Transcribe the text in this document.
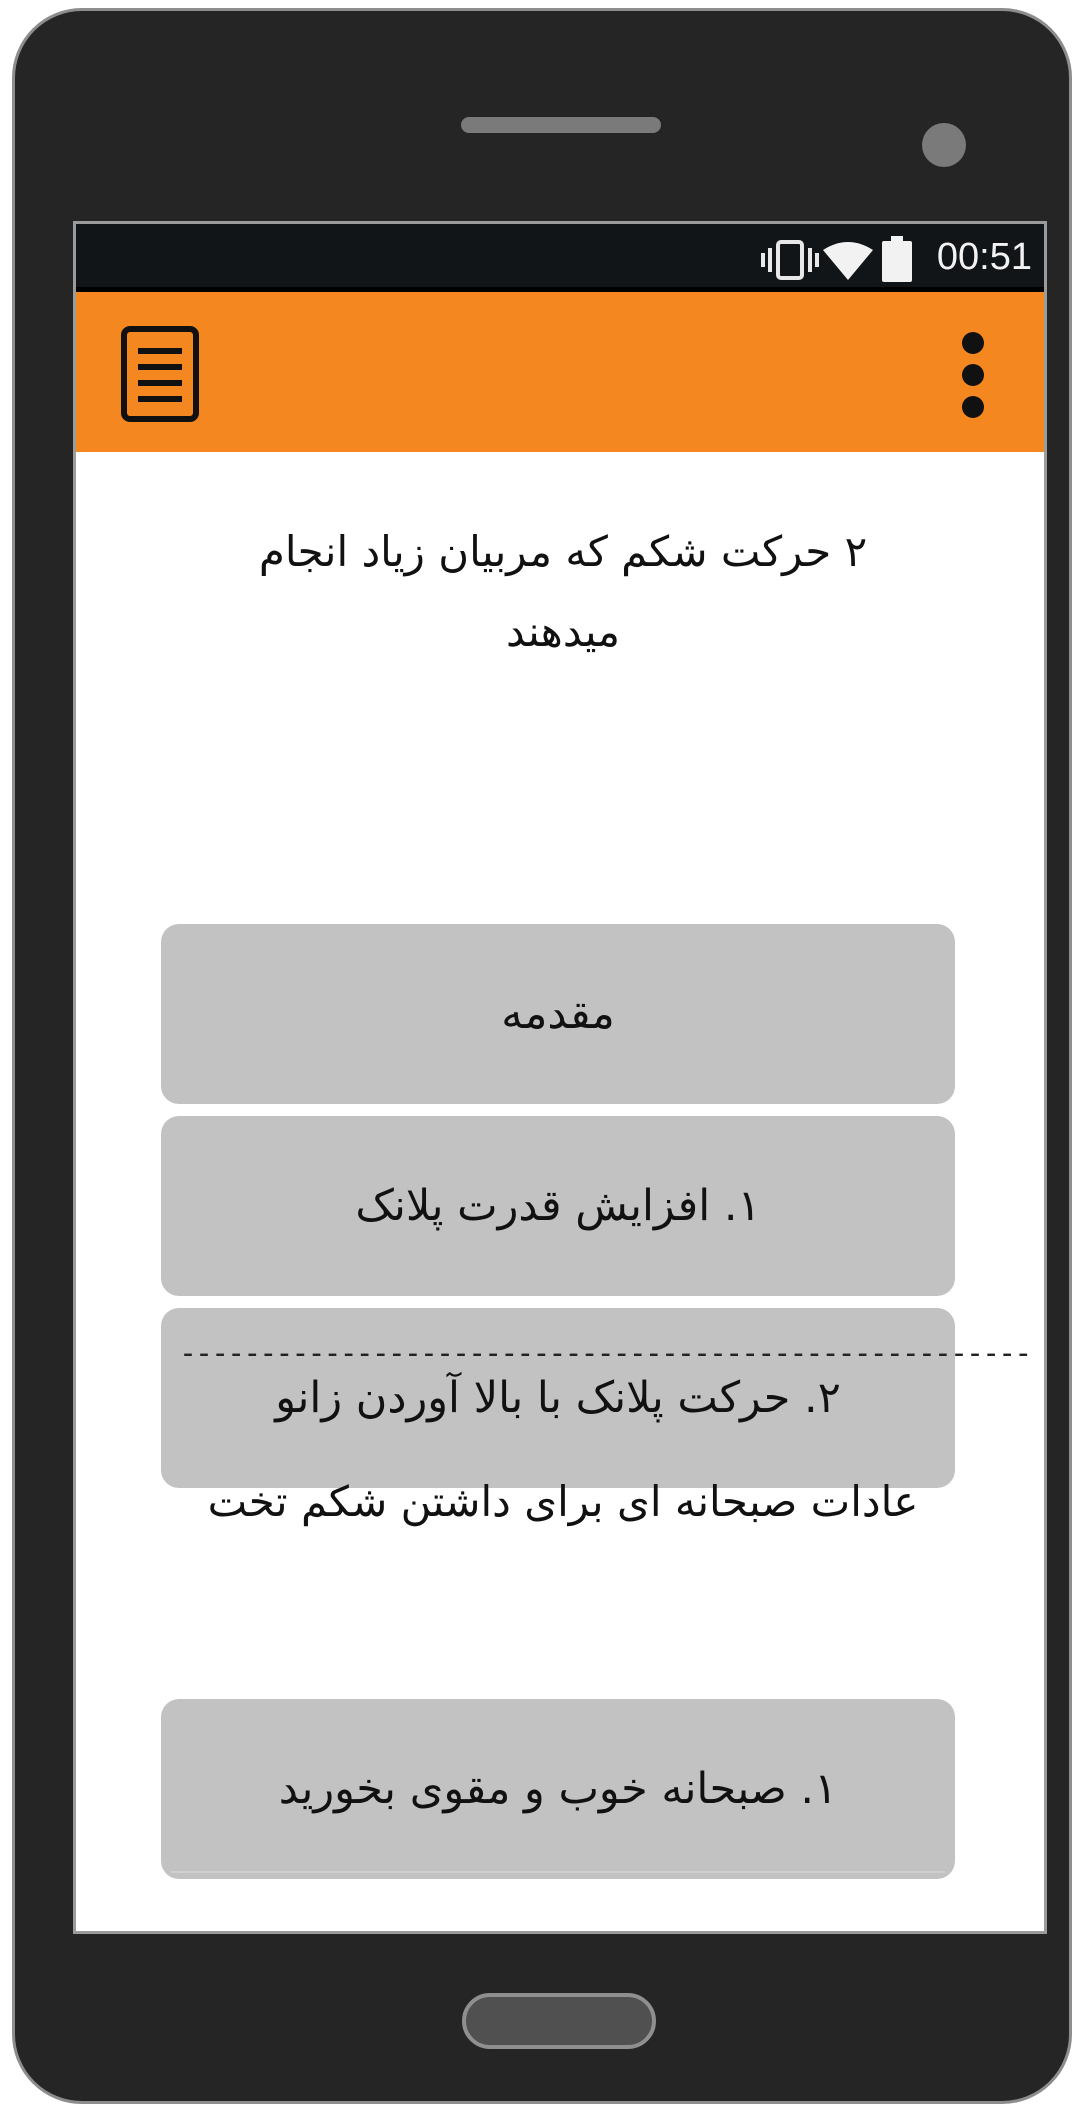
00:51
۲ حرکت شکم که مربیان زیاد انجام میدهند
مقدمه
۱. افزایش قدرت پلانک
۲. حرکت پلانک با بالا آوردن زانو
-----------------------------------------------------
عادات صبحانه ای برای داشتن شکم تخت
۱. صبحانه خوب و مقوی بخورید
